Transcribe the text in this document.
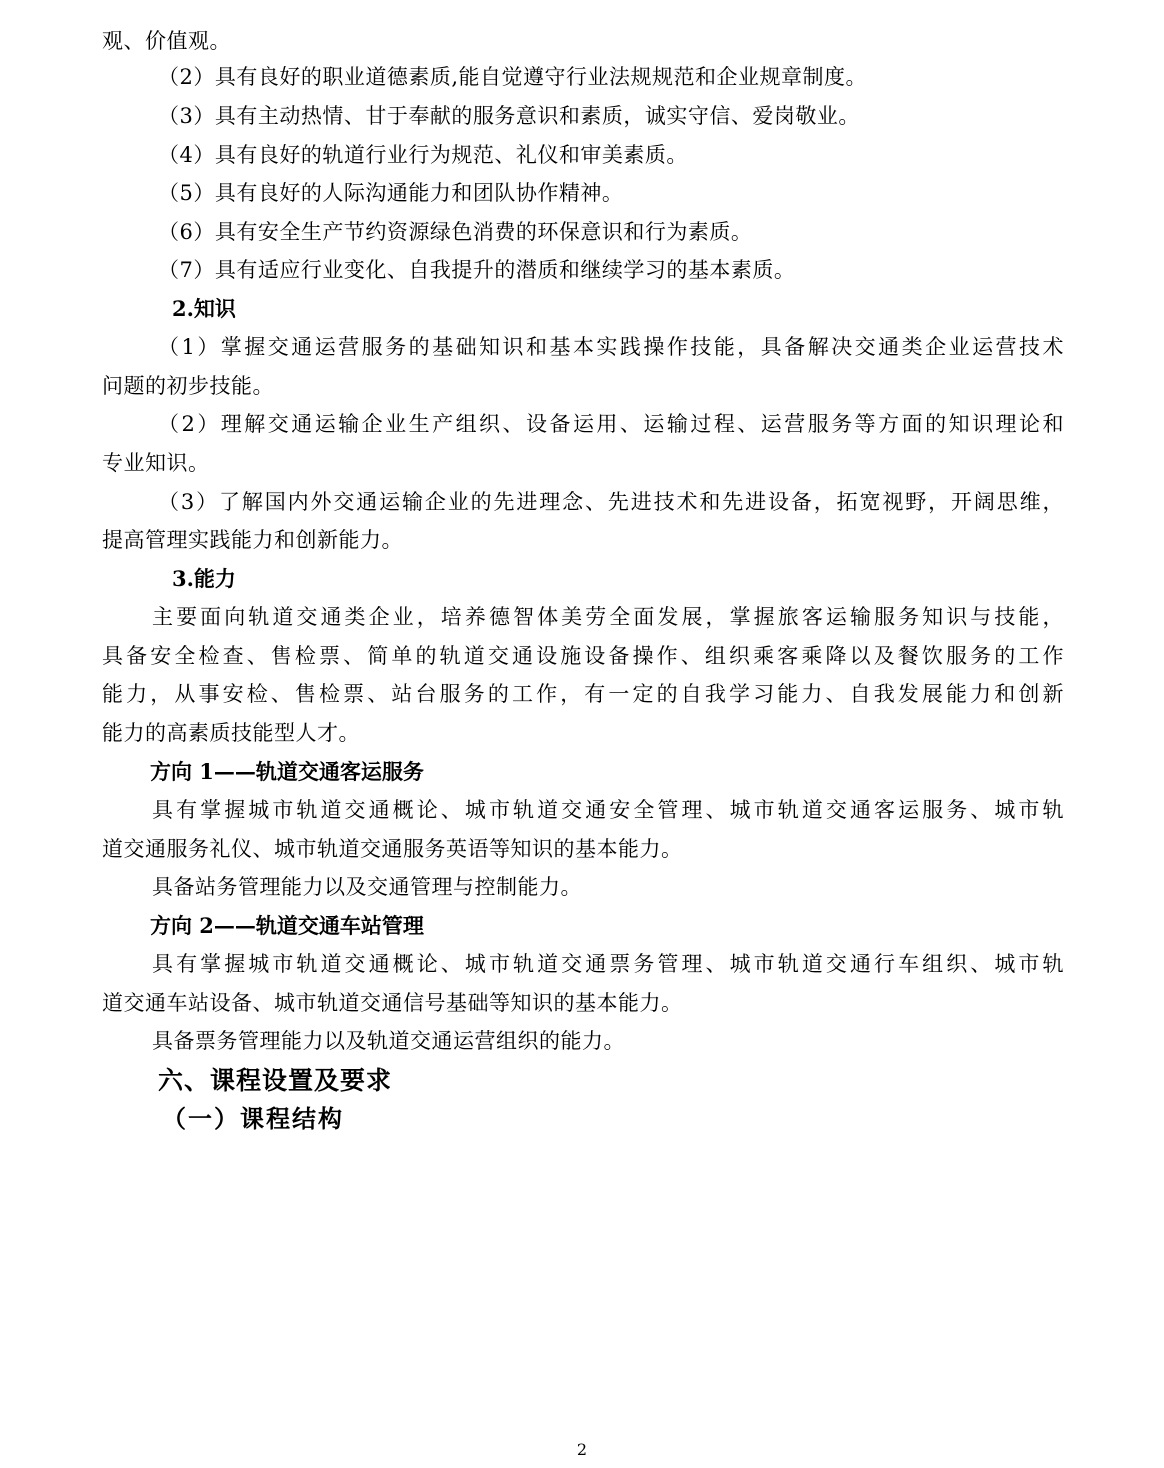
观、价值观。
（2）具有良好的职业道德素质,能自觉遵守行业法规规范和企业规章制度。
（3）具有主动热情、甘于奉献的服务意识和素质，诚实守信、爱岗敬业。
（4）具有良好的轨道行业行为规范、礼仪和审美素质。
（5）具有良好的人际沟通能力和团队协作精神。
（6）具有安全生产节约资源绿色消费的环保意识和行为素质。
（7）具有适应行业变化、自我提升的潜质和继续学习的基本素质。
2.知识
（1）掌握交通运营服务的基础知识和基本实践操作技能，具备解决交通类企业运营技术
问题的初步技能。
（2）理解交通运输企业生产组织、设备运用、运输过程、运营服务等方面的知识理论和
专业知识。
（3）了解国内外交通运输企业的先进理念、先进技术和先进设备，拓宽视野，开阔思维，
提高管理实践能力和创新能力。
3.能力
主要面向轨道交通类企业，培养德智体美劳全面发展，掌握旅客运输服务知识与技能，
具备安全检查、售检票、简单的轨道交通设施设备操作、组织乘客乘降以及餐饮服务的工作
能力，从事安检、售检票、站台服务的工作，有一定的自我学习能力、自我发展能力和创新
能力的高素质技能型人才。
方向 1——轨道交通客运服务
具有掌握城市轨道交通概论、城市轨道交通安全管理、城市轨道交通客运服务、城市轨
道交通服务礼仪、城市轨道交通服务英语等知识的基本能力。
具备站务管理能力以及交通管理与控制能力。
方向 2——轨道交通车站管理
具有掌握城市轨道交通概论、城市轨道交通票务管理、城市轨道交通行车组织、城市轨
道交通车站设备、城市轨道交通信号基础等知识的基本能力。
具备票务管理能力以及轨道交通运营组织的能力。
六、课程设置及要求
（一）课程结构
2
